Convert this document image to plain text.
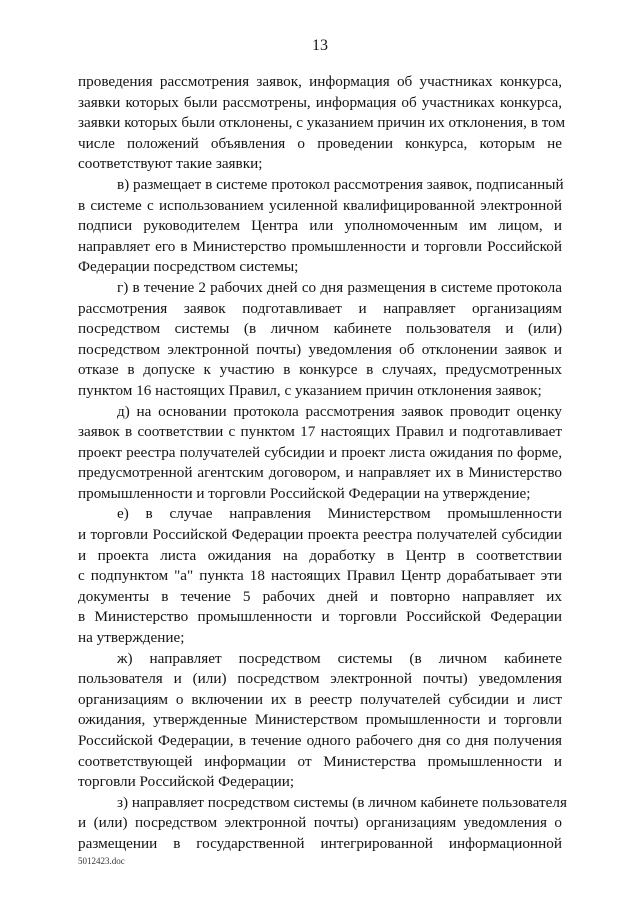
13
проведения рассмотрения заявок, информация об участниках конкурса,
заявки которых были рассмотрены, информация об участниках конкурса,
заявки которых были отклонены, с указанием причин их отклонения, в том
числе положений объявления о проведении конкурса, которым не
соответствуют такие заявки;
в) размещает в системе протокол рассмотрения заявок, подписанный
в системе с использованием усиленной квалифицированной электронной
подписи руководителем Центра или уполномоченным им лицом, и
направляет его в Министерство промышленности и торговли Российской
Федерации посредством системы;
г) в течение 2 рабочих дней со дня размещения в системе протокола
рассмотрения заявок подготавливает и направляет организациям
посредством системы (в личном кабинете пользователя и (или)
посредством электронной почты) уведомления об отклонении заявок и
отказе в допуске к участию в конкурсе в случаях, предусмотренных
пунктом 16 настоящих Правил, с указанием причин отклонения заявок;
д) на основании протокола рассмотрения заявок проводит оценку
заявок в соответствии с пунктом 17 настоящих Правил и подготавливает
проект реестра получателей субсидии и проект листа ожидания по форме,
предусмотренной агентским договором, и направляет их в Министерство
промышленности и торговли Российской Федерации на утверждение;
е) в случае направления Министерством промышленности
и торговли Российской Федерации проекта реестра получателей субсидии
и проекта листа ожидания на доработку в Центр в соответствии
с подпунктом "а" пункта 18 настоящих Правил Центр дорабатывает эти
документы в течение 5 рабочих дней и повторно направляет их
в Министерство промышленности и торговли Российской Федерации
на утверждение;
ж) направляет посредством системы (в личном кабинете
пользователя и (или) посредством электронной почты) уведомления
организациям о включении их в реестр получателей субсидии и лист
ожидания, утвержденные Министерством промышленности и торговли
Российской Федерации, в течение одного рабочего дня со дня получения
соответствующей информации от Министерства промышленности и
торговли Российской Федерации;
з) направляет посредством системы (в личном кабинете пользователя
и (или) посредством электронной почты) организациям уведомления о
размещении в государственной интегрированной информационной
5012423.doc
